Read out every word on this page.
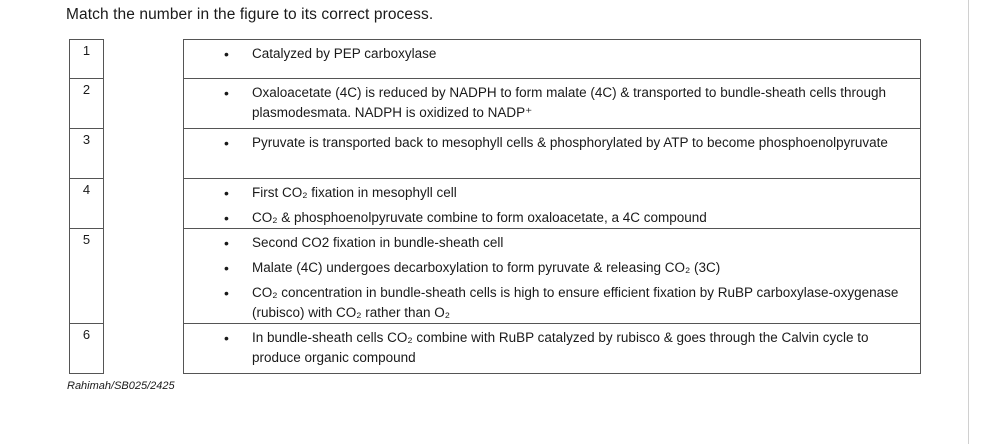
Match the number in the figure to its correct process.
1
2
3
4
5
6
• Catalyzed by PEP carboxylase
• Oxaloacetate (4C) is reduced by NADPH to form malate (4C) & transported to bundle-sheath cells through plasmodesmata. NADPH is oxidized to NADP⁺
• Pyruvate is transported back to mesophyll cells & phosphorylated by ATP to become phosphoenolpyruvate
• First CO₂ fixation in mesophyll cell
• CO₂ & phosphoenolpyruvate combine to form oxaloacetate, a 4C compound
• Second CO2 fixation in bundle-sheath cell
• Malate (4C) undergoes decarboxylation to form pyruvate & releasing CO₂ (3C)
• CO₂ concentration in bundle-sheath cells is high to ensure efficient fixation by RuBP carboxylase-oxygenase (rubisco) with CO₂ rather than O₂
• In bundle-sheath cells CO₂ combine with RuBP catalyzed by rubisco & goes through the Calvin cycle to produce organic compound
Rahimah/SB025/2425
